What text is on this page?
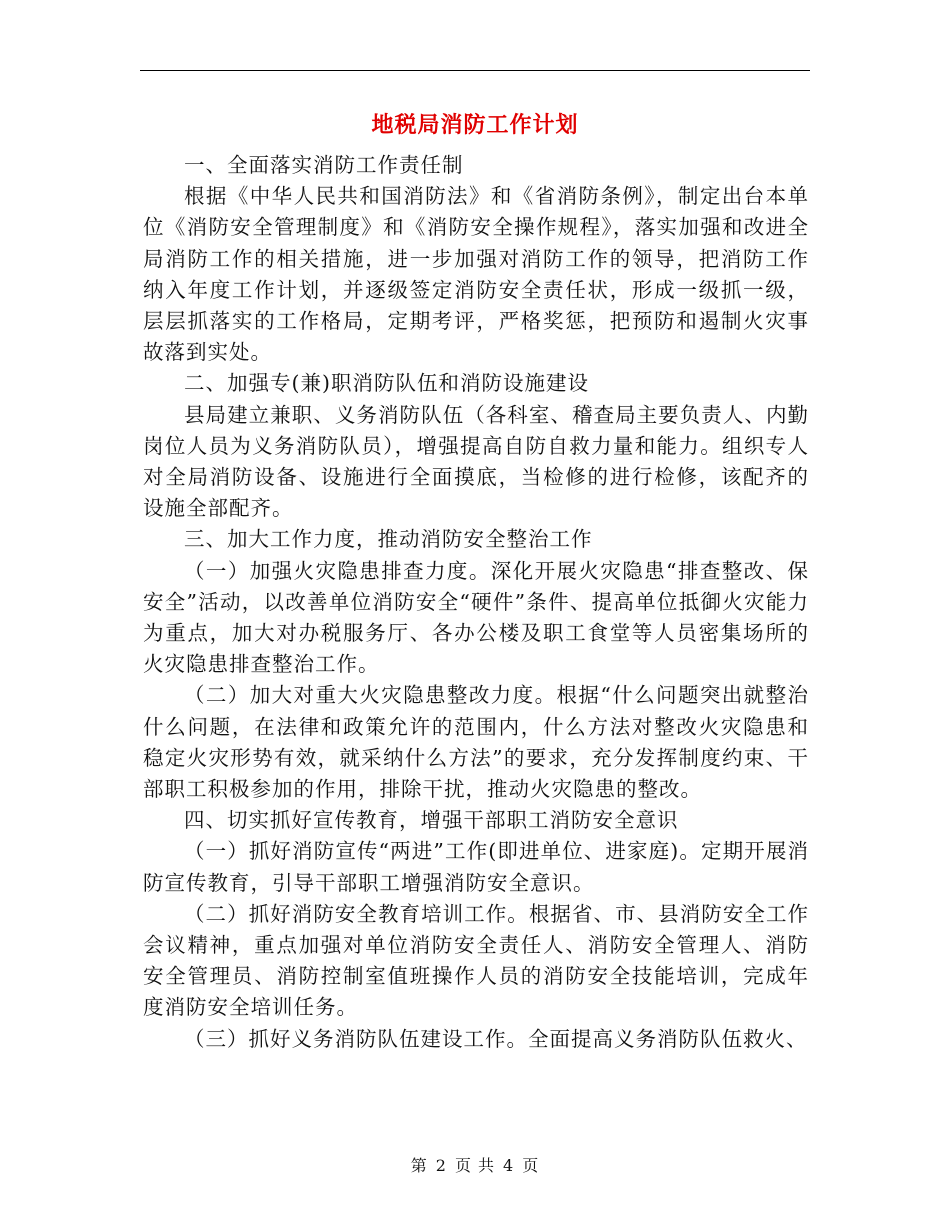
地税局消防工作计划

一、全面落实消防工作责任制

根据《中华人民共和国消防法》和《省消防条例》，制定出台本单位《消防安全管理制度》和《消防安全操作规程》，落实加强和改进全局消防工作的相关措施，进一步加强对消防工作的领导，把消防工作纳入年度工作计划，并逐级签定消防安全责任状，形成一级抓一级，层层抓落实的工作格局，定期考评，严格奖惩，把预防和遏制火灾事故落到实处。

二、加强专(兼)职消防队伍和消防设施建设

县局建立兼职、义务消防队伍（各科室、稽查局主要负责人、内勤岗位人员为义务消防队员），增强提高自防自救力量和能力。组织专人对全局消防设备、设施进行全面摸底，当检修的进行检修，该配齐的设施全部配齐。

三、加大工作力度，推动消防安全整治工作

（一）加强火灾隐患排查力度。深化开展火灾隐患“排查整改、保安全”活动，以改善单位消防安全“硬件”条件、提高单位抵御火灾能力为重点，加大对办税服务厅、各办公楼及职工食堂等人员密集场所的火灾隐患排查整治工作。

（二）加大对重大火灾隐患整改力度。根据“什么问题突出就整治什么问题，在法律和政策允许的范围内，什么方法对整改火灾隐患和稳定火灾形势有效，就采纳什么方法”的要求，充分发挥制度约束、干部职工积极参加的作用，排除干扰，推动火灾隐患的整改。

四、切实抓好宣传教育，增强干部职工消防安全意识

（一）抓好消防宣传“两进”工作(即进单位、进家庭)。定期开展消防宣传教育，引导干部职工增强消防安全意识。

（二）抓好消防安全教育培训工作。根据省、市、县消防安全工作会议精神，重点加强对单位消防安全责任人、消防安全管理人、消防安全管理员、消防控制室值班操作人员的消防安全技能培训，完成年度消防安全培训任务。

（三）抓好义务消防队伍建设工作。全面提高义务消防队伍救火、

第 2 页 共 4 页
